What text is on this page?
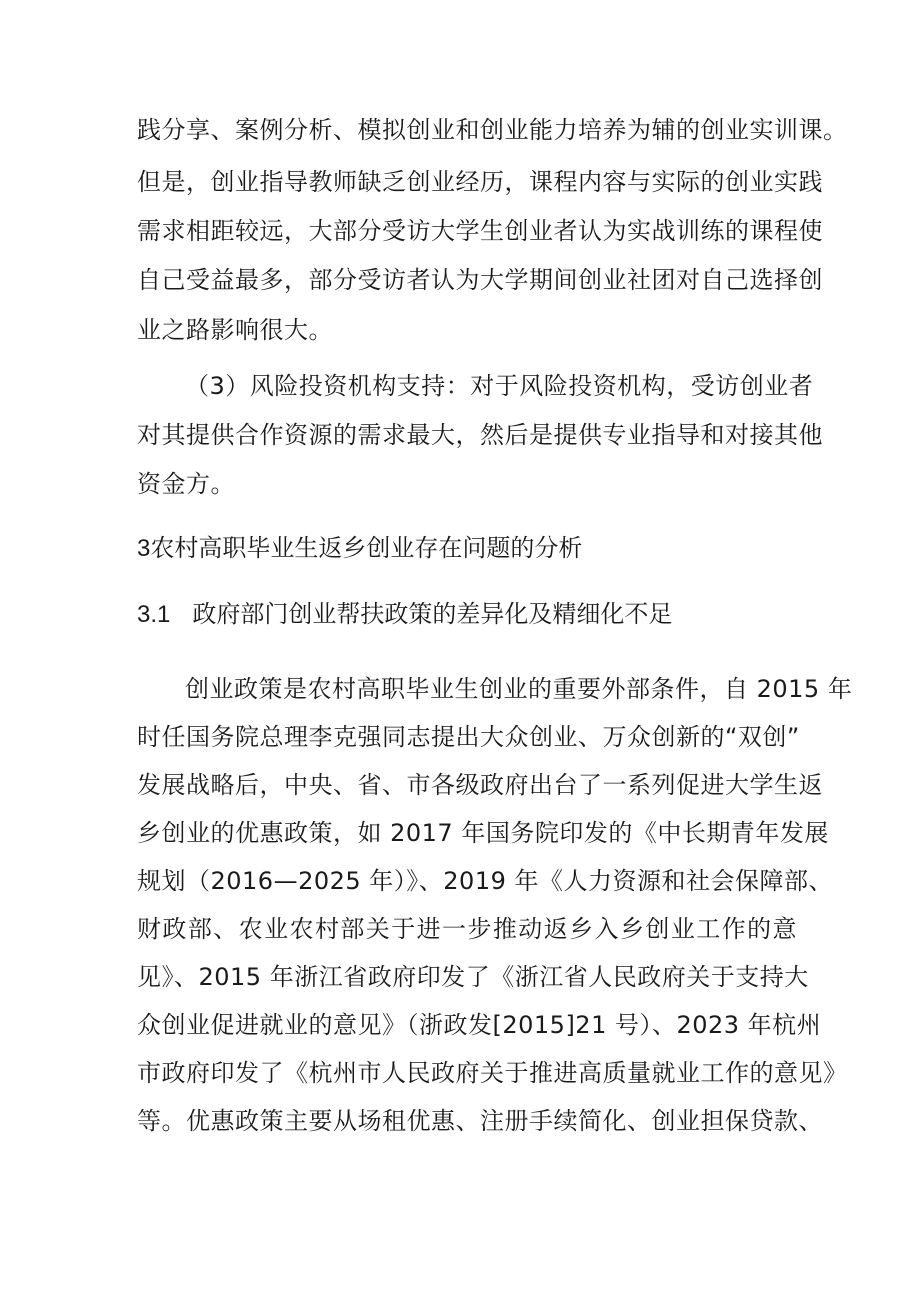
践分享、案例分析、模拟创业和创业能力培养为辅的创业实训课。
但是，创业指导教师缺乏创业经历，课程内容与实际的创业实践
需求相距较远，大部分受访大学生创业者认为实战训练的课程使
自己受益最多，部分受访者认为大学期间创业社团对自己选择创
业之路影响很大。
（3）风险投资机构支持：对于风险投资机构，受访创业者
对其提供合作资源的需求最大，然后是提供专业指导和对接其他
资金方。
3农村高职毕业生返乡创业存在问题的分析
3.1 政府部门创业帮扶政策的差异化及精细化不足
创业政策是农村高职毕业生创业的重要外部条件，自 2015 年
时任国务院总理李克强同志提出大众创业、万众创新的“双创”
发展战略后，中央、省、市各级政府出台了一系列促进大学生返
乡创业的优惠政策，如 2017 年国务院印发的《中长期青年发展
规划（2016—2025 年）》、2019 年《人力资源和社会保障部、
财政部、农业农村部关于进一步推动返乡入乡创业工作的意
见》、2015 年浙江省政府印发了《浙江省人民政府关于支持大
众创业促进就业的意见》（浙政发[2015]21 号）、2023 年杭州
市政府印发了《杭州市人民政府关于推进高质量就业工作的意见》
等。优惠政策主要从场租优惠、注册手续简化、创业担保贷款、
